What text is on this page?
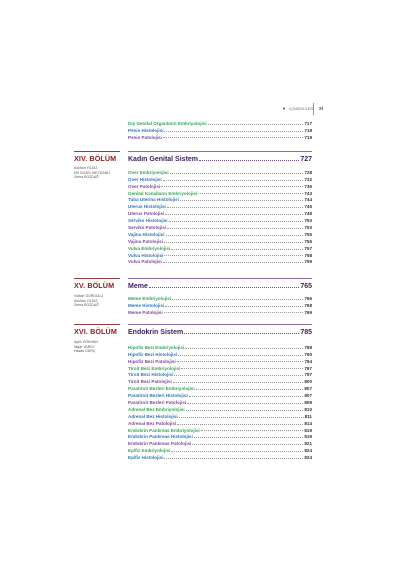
▼ İÇİNDEKİLER xi
Dış Genital Organların Embriyolojisi	717
Penis Histolojisi	718
Penis Patolojisi	719
XIV. BÖLÜM Kadın Genital Sistem	727
Aslıhan YILDIZ
Elif GÜZEL MEYDANLI
Zehra BOZDAĞ
Over Embriyolojisi	728
Over Histolojisi	732
Over Patolojisi	736
Genital Kanalların Embriyolojisi	743
Tuba Uterina Histolojisi	744
Uterus Histolojisi	745
Uterus Patolojisi	748
Serviks Histolojisi	753
Serviks Patolojisi	753
Vajina Histolojisi	755
Vajina Patolojisi	755
Vulva Embriyolojisi	757
Vulva Histolojisi	758
Vulva Patolojisi	759
XV. BÖLÜM Meme	765
Volkan GÜRGÜLÜ
Aslıhan YILDIZ
Zehra BOZDAĞ
Meme Embriyolojisi	766
Meme Histolojisi	768
Meme Patolojisi	769
XVI. BÖLÜM Endokrin Sistem	785
Aytin GÖKHAN
Nigar VARDI
Hasan GÜRÇ
Hipofiz Bezi Embriyolojisi	788
Hipofiz Bezi Histolojisi	790
Hipofiz Bezi Patolojisi	794
Tiroit Bezi Embriyolojisi	797
Tiroit Bezi Histolojisi	797
Tiroit Bezi Patolojisi	800
Paratiroit Bezleri Embriyolojisi	807
Paratiroit Bezleri Histolojisi	807
Paratiroit Bezleri Patolojisi	809
Adrenal Bez Embriyolojisi	810
Adrenal Bez Histolojisi	811
Adrenal Bez Patolojisi	814
Endokrin Pankreas Embriyolojisi	819
Endokrin Pankreas Histolojisi	819
Endokrin Pankreas Patolojisi	821
Epifiz Embriyolojisi	824
Epifiz Histolojisi	824
